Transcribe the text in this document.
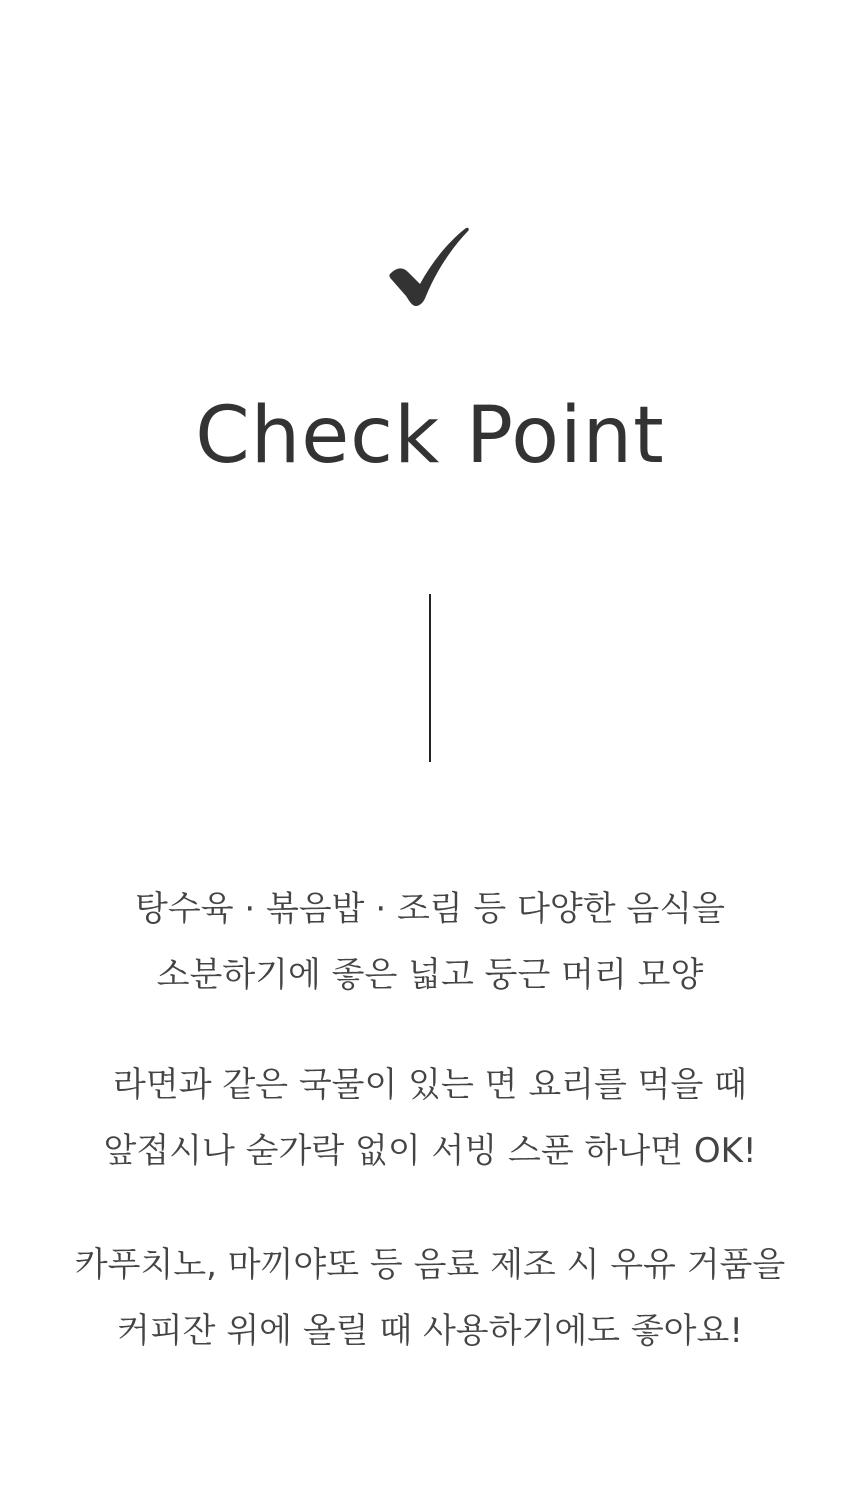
Check Point
탕수육 · 볶음밥 · 조림 등 다양한 음식을
소분하기에 좋은 넓고 둥근 머리 모양
라면과 같은 국물이 있는 면 요리를 먹을 때
앞접시나 숟가락 없이 서빙 스푼 하나면 OK!
카푸치노, 마끼야또 등 음료 제조 시 우유 거품을
커피잔 위에 올릴 때 사용하기에도 좋아요!
